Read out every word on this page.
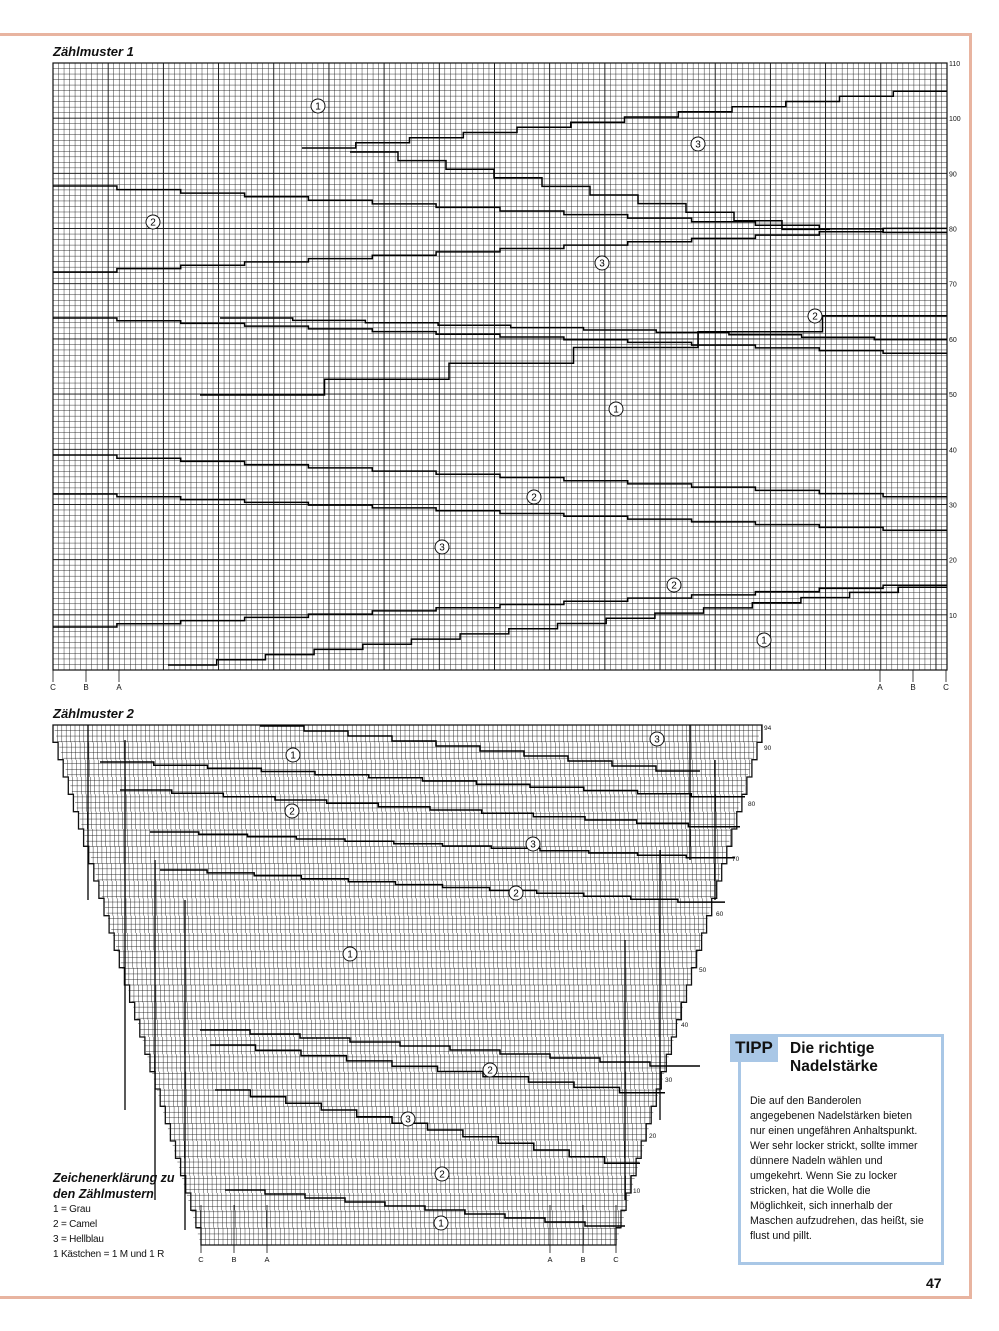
Zählmuster 1
Zählmuster 2
10
20
30
40
50
60
70
80
90
100
110
C	B	A	A	B	C
1
3
2
3
2
1
2
3
2
1
10
20
30
40
50
60
70
80
90
94
C	B	A	A	B	C
3
1
2
3
2
1
2
3
2
1
Zeichenerklärung zu den Zählmustern
1 = Grau
2 = Camel
3 = Hellblau
1 Kästchen = 1 M und 1 R
TIPP	Die richtige Nadelstärke
Die auf den Banderolen angegebenen Nadelstärken bieten nur einen ungefähren Anhaltspunkt. Wer sehr locker strickt, sollte immer dünnere Nadeln wählen und umgekehrt. Wenn Sie zu locker stricken, hat die Wolle die Möglichkeit, sich innerhalb der Maschen aufzudrehen, das heißt, sie flust und pillt.
47
